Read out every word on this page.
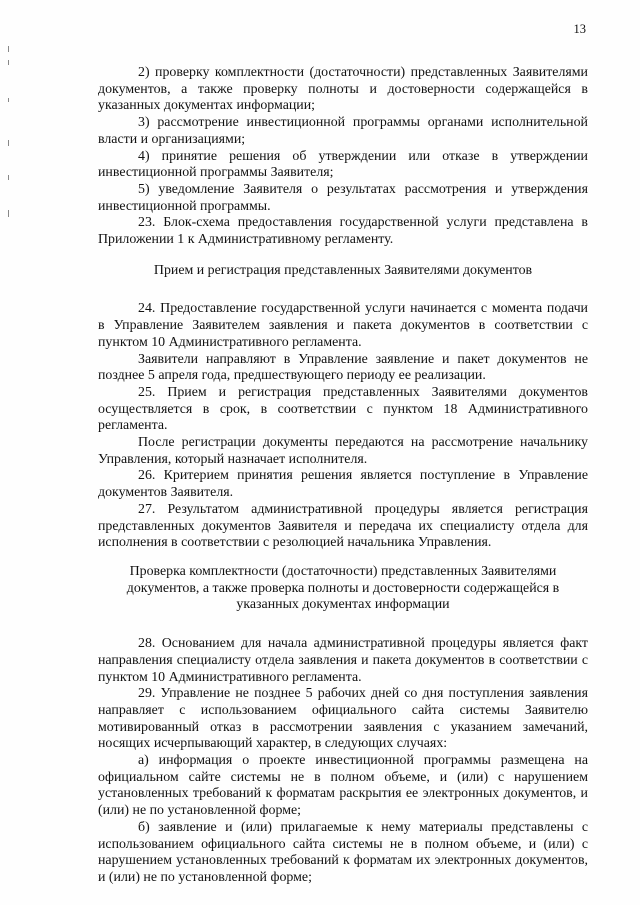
13

2) проверку комплектности (достаточности) представленных Заявителями документов, а также проверку полноты и достоверности содержащейся в указанных документах информации;

3) рассмотрение инвестиционной программы органами исполнительной власти и организациями;

4) принятие решения об утверждении или отказе в утверждении инвестиционной программы Заявителя;

5) уведомление Заявителя о результатах рассмотрения и утверждения инвестиционной программы.

23. Блок-схема предоставления государственной услуги представлена в Приложении 1 к Административному регламенту.

Прием и регистрация представленных Заявителями документов

24. Предоставление государственной услуги начинается с момента подачи в Управление Заявителем заявления и пакета документов в соответствии с пунктом 10 Административного регламента.

Заявители направляют в Управление заявление и пакет документов не позднее 5 апреля года, предшествующего периоду ее реализации.

25. Прием и регистрация представленных Заявителями документов осуществляется в срок, в соответствии с пунктом 18 Административного регламента.

После регистрации документы передаются на рассмотрение начальнику Управления, который назначает исполнителя.

26. Критерием принятия решения является поступление в Управление документов Заявителя.

27. Результатом административной процедуры является регистрация представленных документов Заявителя и передача их специалисту отдела для исполнения в соответствии с резолюцией начальника Управления.

Проверка комплектности (достаточности) представленных Заявителями документов, а также проверка полноты и достоверности содержащейся в указанных документах информации

28. Основанием для начала административной процедуры является факт направления специалисту отдела заявления и пакета документов в соответствии с пунктом 10 Административного регламента.

29. Управление не позднее 5 рабочих дней со дня поступления заявления направляет с использованием официального сайта системы Заявителю мотивированный отказ в рассмотрении заявления с указанием замечаний, носящих исчерпывающий характер, в следующих случаях:

а) информация о проекте инвестиционной программы размещена на официальном сайте системы не в полном объеме, и (или) с нарушением установленных требований к форматам раскрытия ее электронных документов, и (или) не по установленной форме;

б) заявление и (или) прилагаемые к нему материалы представлены с использованием официального сайта системы не в полном объеме, и (или) с нарушением установленных требований к форматам их электронных документов, и (или) не по установленной форме;
